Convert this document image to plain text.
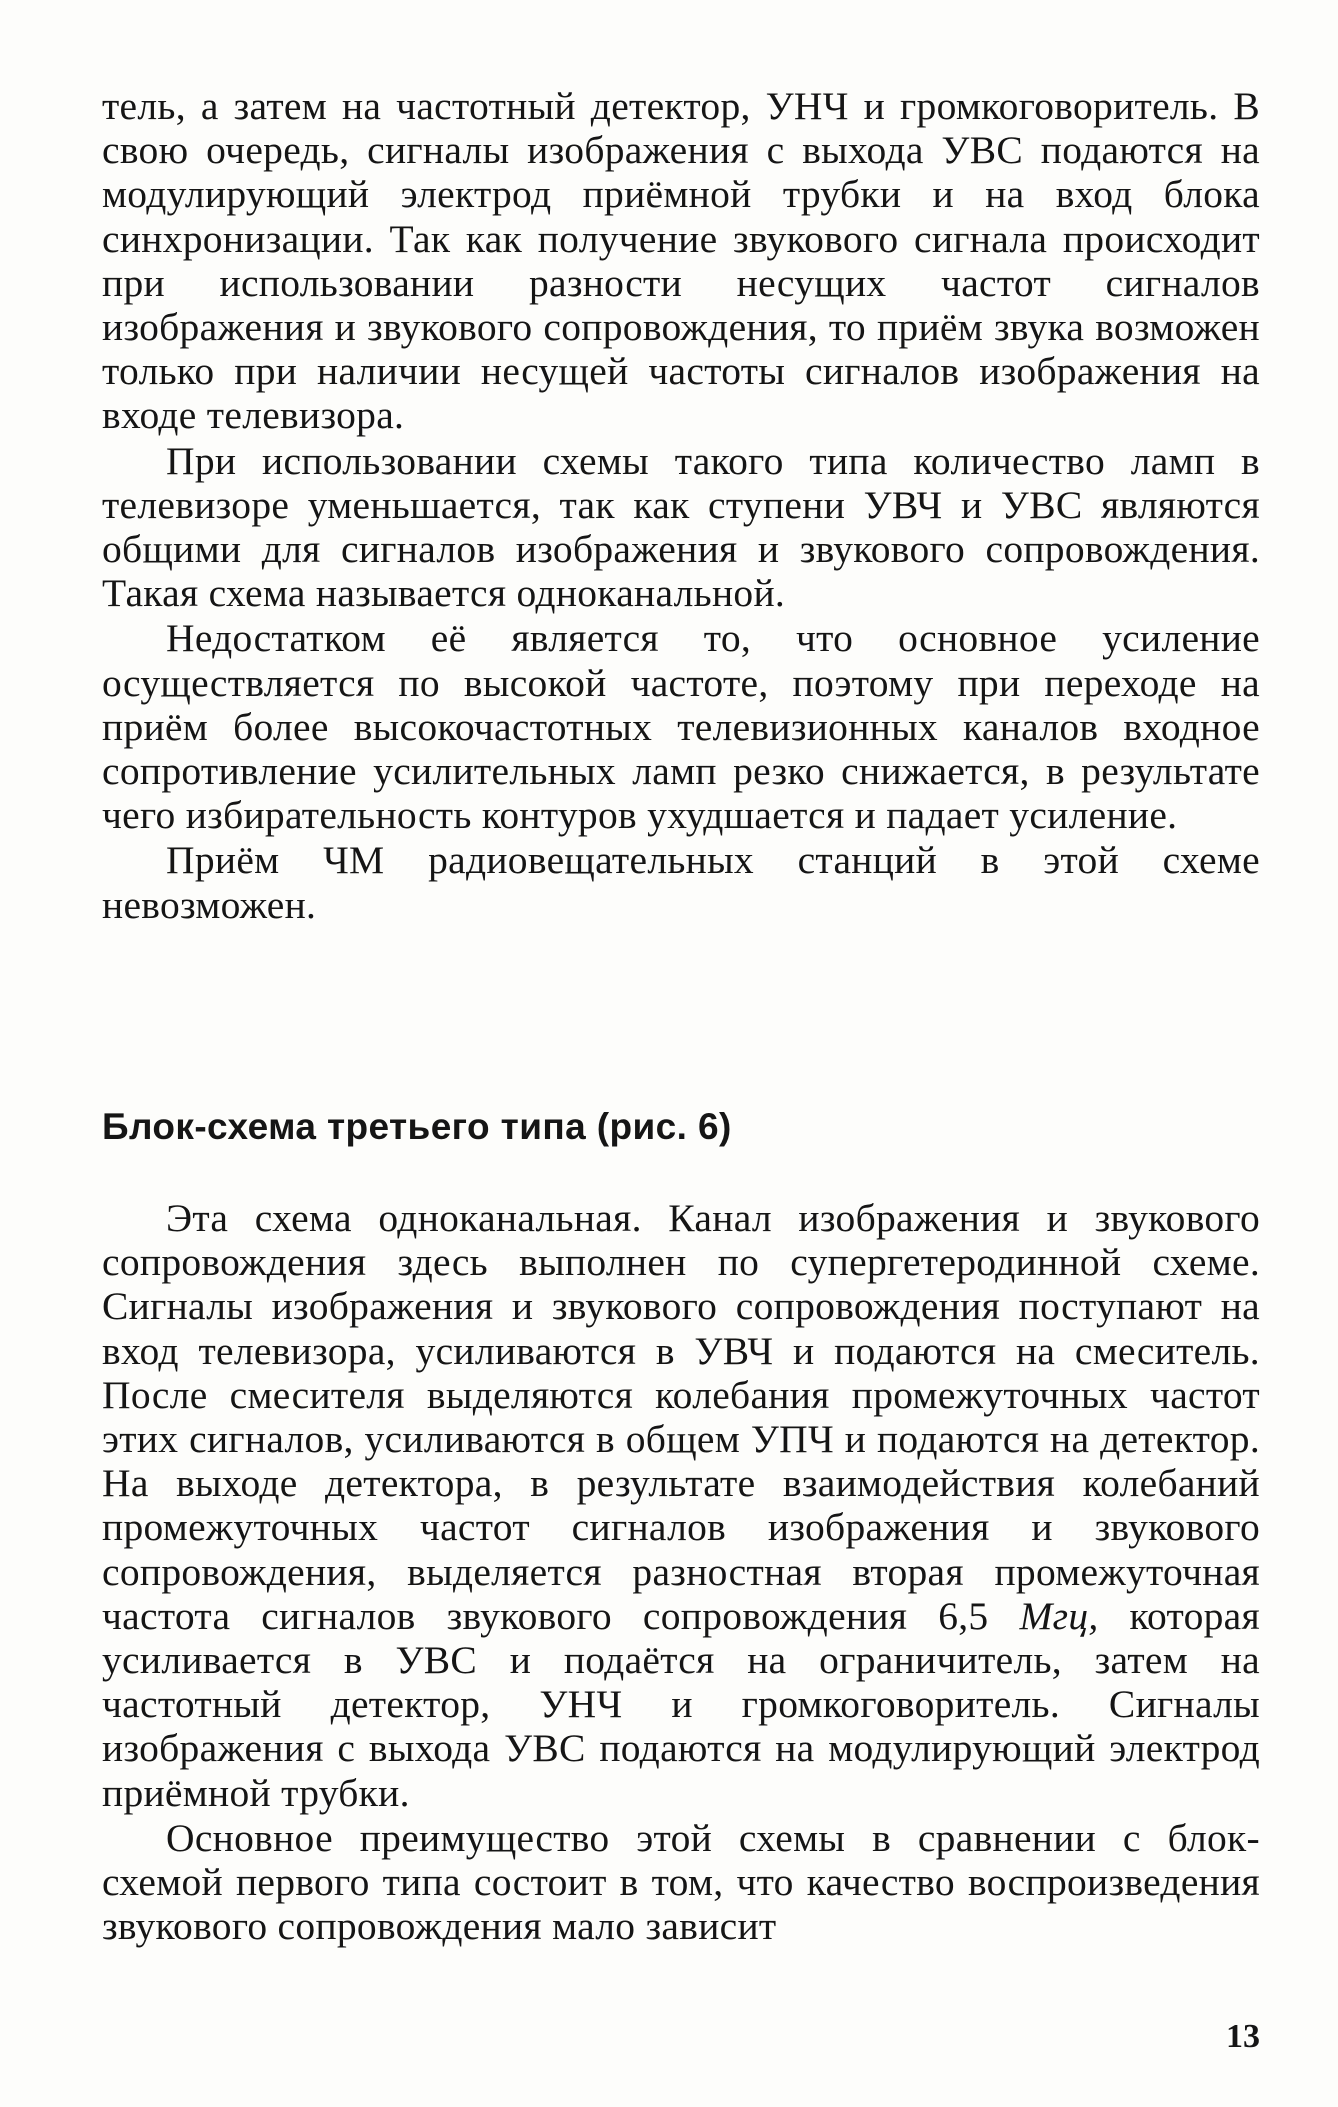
тель, а затем на частотный детектор, УНЧ и громкоговоритель. В свою очередь, сигналы изображения с выхода УВС подаются на модулирующий электрод приёмной трубки и на вход блока синхронизации. Так как получение звукового сигнала происходит при использовании разности несущих частот сигналов изображения и звукового сопровождения, то приём звука возможен только при наличии несущей частоты сигналов изображения на входе телевизора.

При использовании схемы такого типа количество ламп в телевизоре уменьшается, так как ступени УВЧ и УВС являются общими для сигналов изображения и звукового сопровождения. Такая схема называется одноканальной.

Недостатком её является то, что основное усиление осуществляется по высокой частоте, поэтому при переходе на приём более высокочастотных телевизионных каналов входное сопротивление усилительных ламп резко снижается, в результате чего избирательность контуров ухудшается и падает усиление.

Приём ЧМ радиовещательных станций в этой схеме невозможен.

Блок-схема третьего типа (рис. 6)

Эта схема одноканальная. Канал изображения и звукового сопровождения здесь выполнен по супергетеродинной схеме. Сигналы изображения и звукового сопровождения поступают на вход телевизора, усиливаются в УВЧ и подаются на смеситель. После смесителя выделяются колебания промежуточных частот этих сигналов, усиливаются в общем УПЧ и подаются на детектор. На выходе детектора, в результате взаимодействия колебаний промежуточных частот сигналов изображения и звукового сопровождения, выделяется разностная вторая промежуточная частота сигналов звукового сопровождения 6,5 Мгц, которая усиливается в УВС и подаётся на ограничитель, затем на частотный детектор, УНЧ и громкоговоритель. Сигналы изображения с выхода УВС подаются на модулирующий электрод приёмной трубки.

Основное преимущество этой схемы в сравнении с блок-схемой первого типа состоит в том, что качество воспроизведения звукового сопровождения мало зависит

13
